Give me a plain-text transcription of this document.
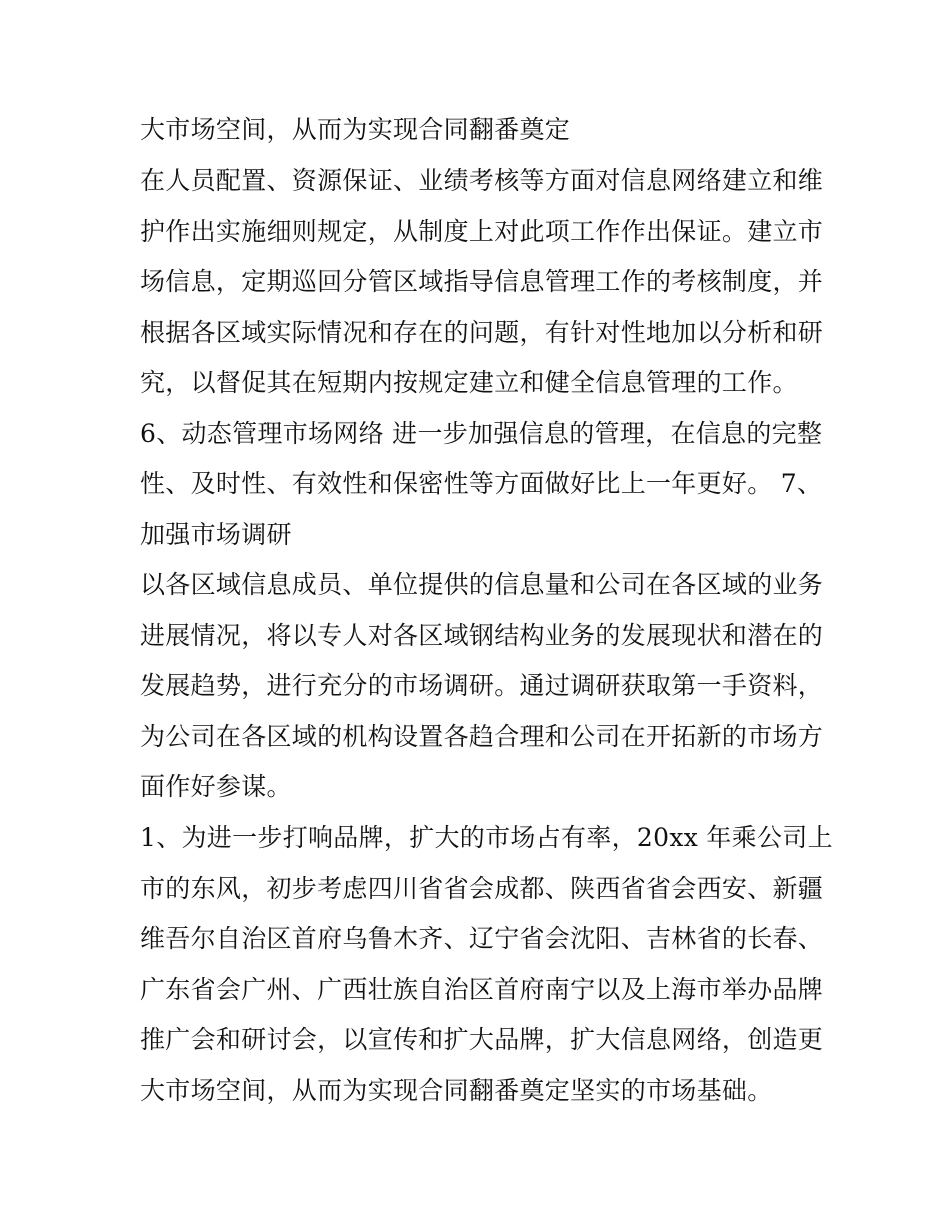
大市场空间，从而为实现合同翻番奠定
在人员配置、资源保证、业绩考核等方面对信息网络建立和维
护作出实施细则规定，从制度上对此项工作作出保证。建立市
场信息，定期巡回分管区域指导信息管理工作的考核制度，并
根据各区域实际情况和存在的问题，有针对性地加以分析和研
究，以督促其在短期内按规定建立和健全信息管理的工作。
6、动态管理市场网络 进一步加强信息的管理，在信息的完整
性、及时性、有效性和保密性等方面做好比上一年更好。 7、
加强市场调研
以各区域信息成员、单位提供的信息量和公司在各区域的业务
进展情况，将以专人对各区域钢结构业务的发展现状和潜在的
发展趋势，进行充分的市场调研。通过调研获取第一手资料，
为公司在各区域的机构设置各趋合理和公司在开拓新的市场方
面作好参谋。
1、为进一步打响品牌，扩大的市场占有率，20xx 年乘公司上
市的东风，初步考虑四川省省会成都、陕西省省会西安、新疆
维吾尔自治区首府乌鲁木齐、辽宁省会沈阳、吉林省的长春、
广东省会广州、广西壮族自治区首府南宁以及上海市举办品牌
推广会和研讨会，以宣传和扩大品牌，扩大信息网络，创造更
大市场空间，从而为实现合同翻番奠定坚实的市场基础。
